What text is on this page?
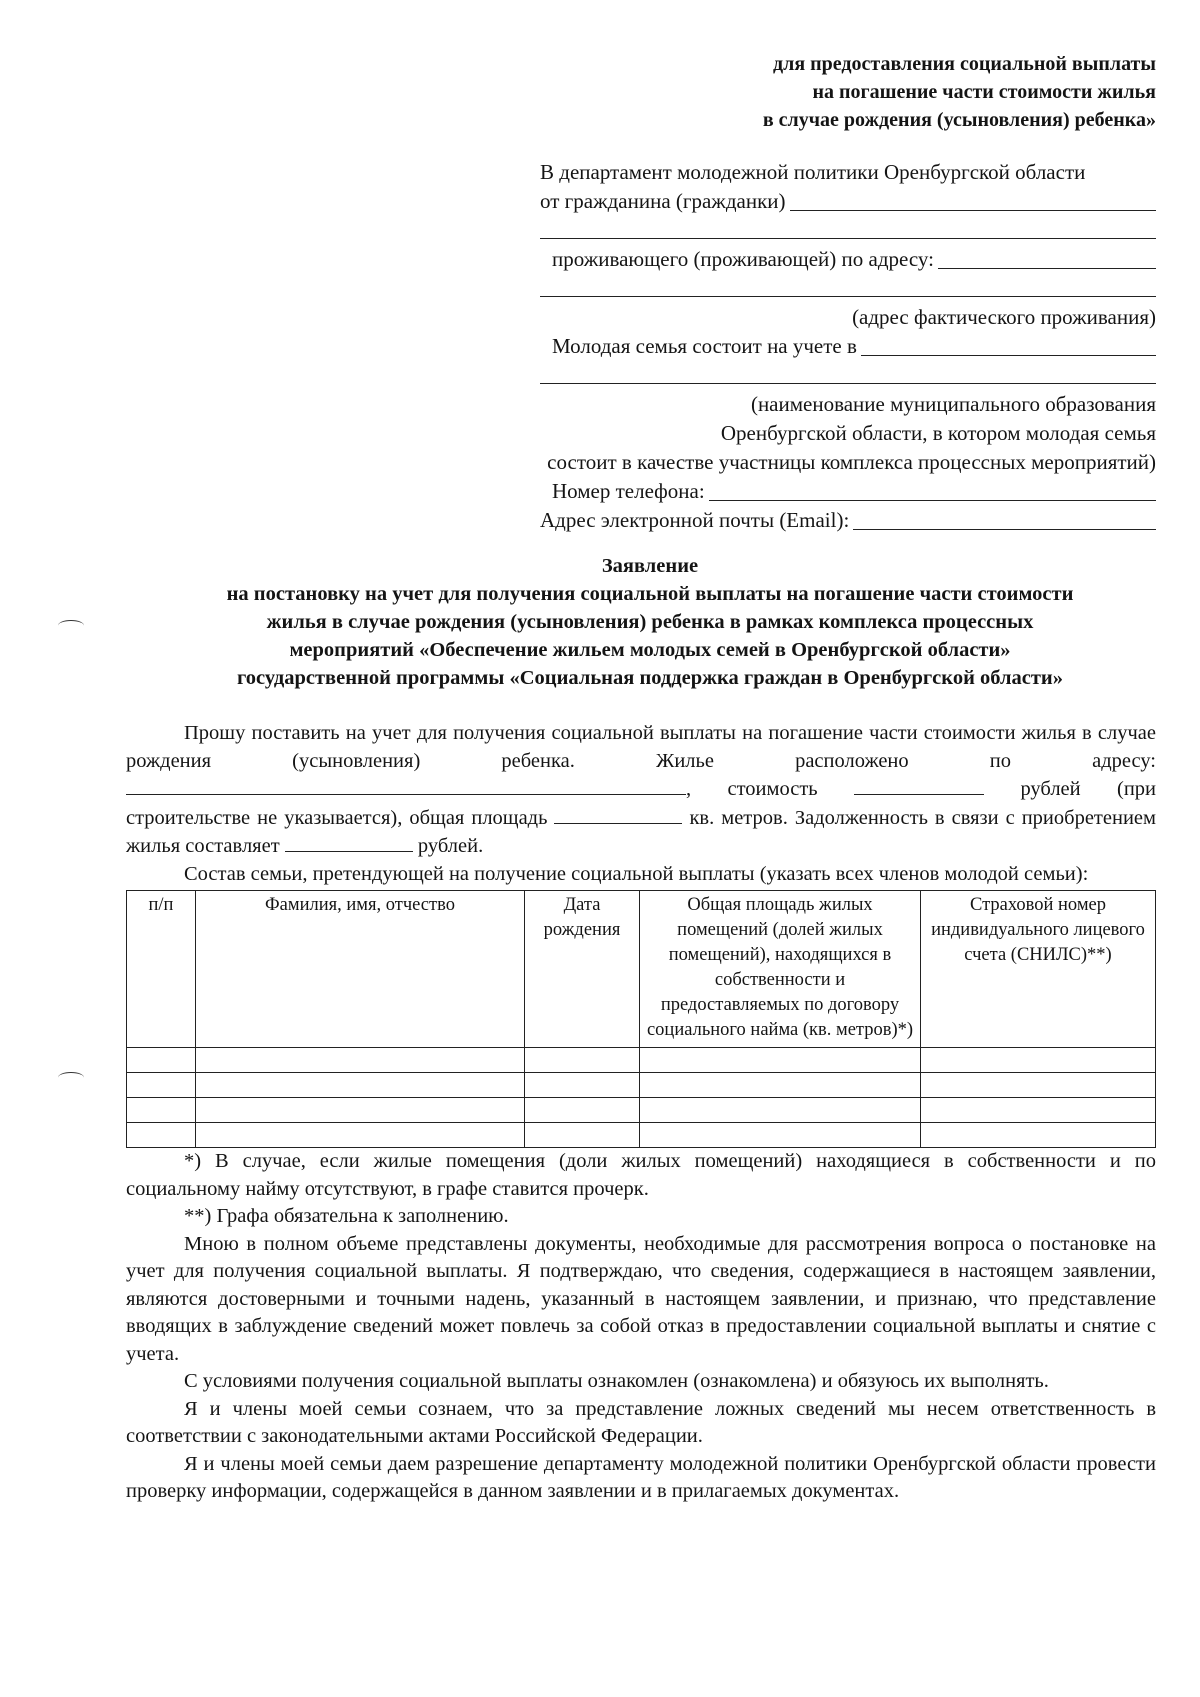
для предоставления социальной выплаты
на погашение части стоимости жилья
в случае рождения (усыновления) ребенка»
В департамент молодежной политики Оренбургской области
от гражданина (гражданки)
проживающего (проживающей) по адресу:
(адрес фактического проживания)
Молодая семья состоит на учете в
(наименование муниципального образования
Оренбургской области, в котором молодая семья
состоит в качестве участницы комплекса процессных мероприятий)
Номер телефона:
Адрес электронной почты (Email):
Заявление
на постановку на учет для получения социальной выплаты на погашение части стоимости
жилья в случае рождения (усыновления) ребенка в рамках комплекса процессных
мероприятий «Обеспечение жильем молодых семей в Оренбургской области»
государственной программы «Социальная поддержка граждан в Оренбургской области»

Прошу поставить на учет для получения социальной выплаты на погашение части стоимости жилья в случае рождения (усыновления) ребенка. Жилье расположено по адресу: , стоимость	рублей (при строительстве не указывается), общая площадь	кв. метров. Задолженность в связи с приобретением жилья составляет	рублей.

Состав семьи, претендующей на получение социальной выплаты (указать всех членов молодой семьи):

п/п	Фамилия, имя, отчество	Дата рождения	Общая площадь жилых помещений (долей жилых помещений), находящихся в собственности и предоставляемых по договору социального найма (кв. метров)*)	Страховой номер индивидуального лицевого счета (СНИЛС)**)

*) В случае, если жилые помещения (доли жилых помещений) находящиеся в собственности и по социальному найму отсутствуют, в графе ставится прочерк.

**) Графа обязательна к заполнению.

Мною в полном объеме представлены документы, необходимые для рассмотрения вопроса о постановке на учет для получения социальной выплаты. Я подтверждаю, что сведения, содержащиеся в настоящем заявлении, являются достоверными и точными надень, указанный в настоящем заявлении, и признаю, что представление вводящих в заблуждение сведений может повлечь за собой отказ в предоставлении социальной выплаты и снятие с учета.

С условиями получения социальной выплаты ознакомлен (ознакомлена) и обязуюсь их выполнять.

Я и члены моей семьи сознаем, что за представление ложных сведений мы несем ответственность в соответствии с законодательными актами Российской Федерации.

Я и члены моей семьи даем разрешение департаменту молодежной политики Оренбургской области провести проверку информации, содержащейся в данном заявлении и в прилагаемых документах.
